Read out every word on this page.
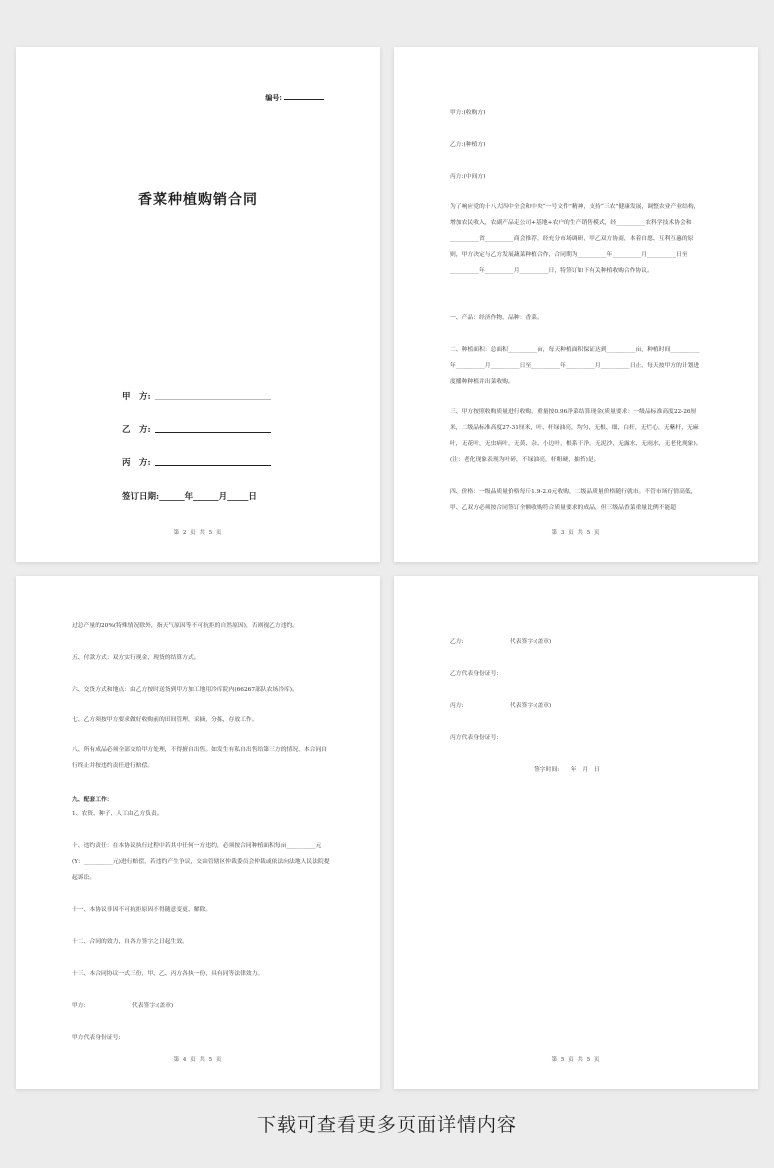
编号:
香菜种植购销合同
甲　方:
乙　方:
丙　方:
签订日期:______年______月_____日
第 2 页 共 5 页
甲方:(收购方)
乙方:(种植方)
丙方:(中间方)
为了响应党的十八大四中全会和中央“一号文件”精神，支持“三农”健康发展，调整农业产业结构，增加农民收入，农副产品走公司+基地+农户的生产销售模式，经__________农科学技术协会和__________省__________商会推荐，经充分市场调研，甲乙双方协商，本着自愿、互利互惠的原则，甲方决定与乙方发展蔬菜种植合作，合同期为__________年__________月__________日至__________年__________月__________日，特签订如下有关种植收购合作协议。
一、产品：经济作物，品种：香菜。
二、种植面积：总面积__________亩，每天种植面积保证达到__________亩，种植时间__________年__________月__________日至__________年__________月__________日止，每天按甲方的计划进度播种种植并出菜收购。
三、甲方按照收购质量进行收购，重量按0.96净菜结算现金(质量要求：一级品标准高度22-26厘米，二级品标准高度27-31厘米，叶、杆绿油亮，均匀，无根、细、白杆，无烂心，无紫杆，无麻叶，无花叶，无虫病叶，无黄、杂、小边叶，根系干净，无泥沙，无露水，无雨水，无老化现象)。(注：老化现象表现为叶碎，不绿油亮，杆粗硬，抽苔)是。
四、价格：一级品质量价格每斤1.9-2.0元收购，二级品质量价格随行就市。不管市场行情高低，甲、乙双方必须按合同签订全额收购符合质量要求的成品，但三级品香菜重量比例不能超
第 3 页 共 5 页
过总产量的20%(特殊情况除外，指天气原因等不可抗拒的自然原因)，否则视乙方违约。
五、付款方式：双方实行现金、现货的结算方式。
六、交货方式和地点：由乙方按时送货到甲方加工地用冷库院内(66267部队农场冷库)。
七、乙方须按甲方要求做好收购前的田间管理，采摘，分拣，存放工作。
八、所有成品必须全部交给甲方处理，不得擅自出售。如发生有私自出售给第三方的情况，本合同自行终止并按违约责任进行赔偿。
九、配套工作：
1、农资、种子、人工由乙方负责。
十、违约责任：在本协议执行过程中若其中任何一方违约，必须按合同种植面积每亩__________元(Y：__________元)进行赔偿，若违约产生争议，交由管辖区仲裁委员会仲裁或依法向法地人民法院提起诉讼。
十一、本协议非因不可抗拒原因不得随意变更、解除。
十二、合同的效力，自各方签字之日起生效。
十三、本合同协议一式三份，甲、乙、丙方各执一份，具有同等法律效力。
甲方:　　　　　　　　代表签字:(盖章)
甲方代表身份证号:
第 4 页 共 5 页
乙方:　　　　　　　　代表签字:(盖章)
乙方代表身份证号:
丙方:　　　　　　　　代表签字:(盖章)
丙方代表身份证号:
签字时间:　　年　月　日
第 5 页 共 5 页
下载可查看更多页面详情内容
